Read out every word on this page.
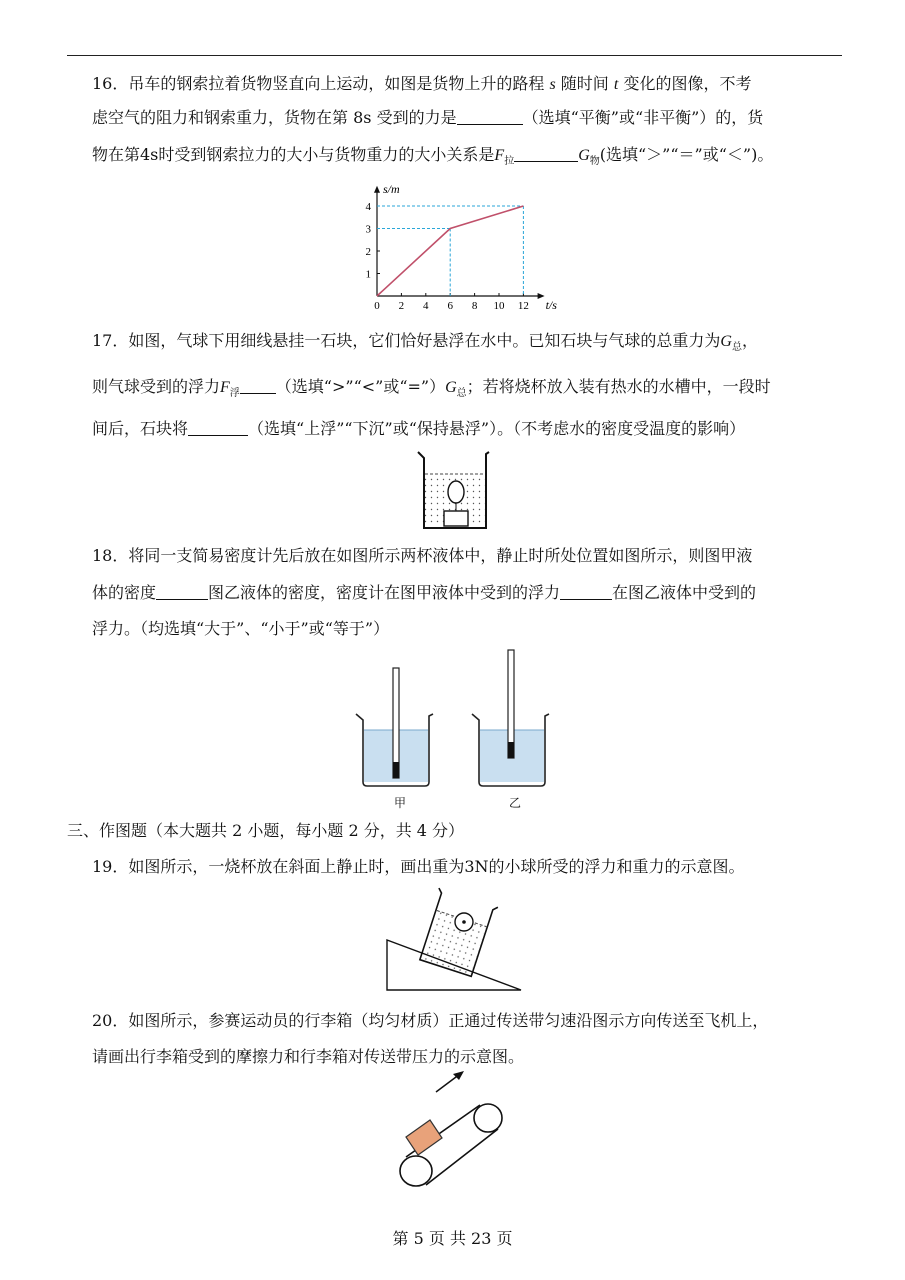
16．吊车的钢索拉着货物竖直向上运动，如图是货物上升的路程 s 随时间 t 变化的图像，不考
虑空气的阻力和钢索重力，货物在第 8s 受到的力是	（选填“平衡”或“非平衡”）的，货
物在第4s时受到钢索拉力的大小与货物重力的大小关系是$F_拉$	$G_物$(选填“＞”“＝”或“＜”)。
0 2 4 6 8 10 12
1
2
3
4
t/s
s/m
17．如图，气球下用细线悬挂一石块，它们恰好悬浮在水中。已知石块与气球的总重力为$G_总$，
则气球受到的浮力$F_浮$ （选填“>”“<”或“$=”)G_总$；若将烧杯放入装有热水的水槽中，一段时
间后，石块将	（选填“上浮”“下沉”或“保持悬浮”）。（不考虑水的密度受温度的影响）
18．将同一支简易密度计先后放在如图所示两杯液体中，静止时所处位置如图所示，则图甲液
体的密度	图乙液体的密度，密度计在图甲液体中受到的浮力	在图乙液体中受到的
浮力。（均选填“大于”、“小于”或“等于”）
甲	乙
三、作图题（本大题共 2 小题，每小题 2 分，共 4 分）
19．如图所示，一烧杯放在斜面上静止时，画出重为3N的小球所受的浮力和重力的示意图。
20．如图所示，参赛运动员的行李箱（均匀材质）正通过传送带匀速沿图示方向传送至飞机上，
请画出行李箱受到的摩擦力和行李箱对传送带压力的示意图。
第 5 页 共 23 页
